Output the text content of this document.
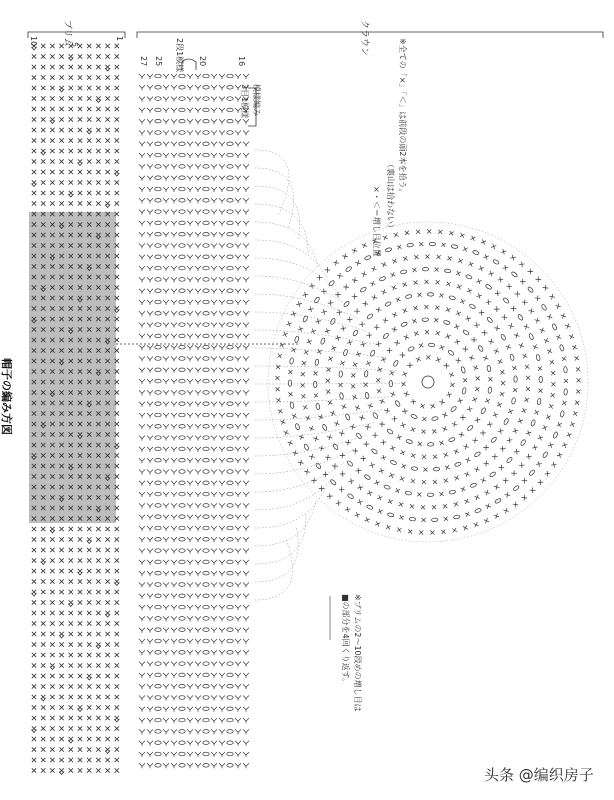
ブリム	クラウン
10	5
1
27 25	20	16
2段1模様
模様編み
3目1模様
帽子の編み方図
×・＜＝増し目位置
※全ての「×」「＜」は前段の頭2本を拾う。
（裏山は拾わない）
※ブリムの2～10段めの増し目は
■の部分を4回くり返す。
头条 @编织房子
